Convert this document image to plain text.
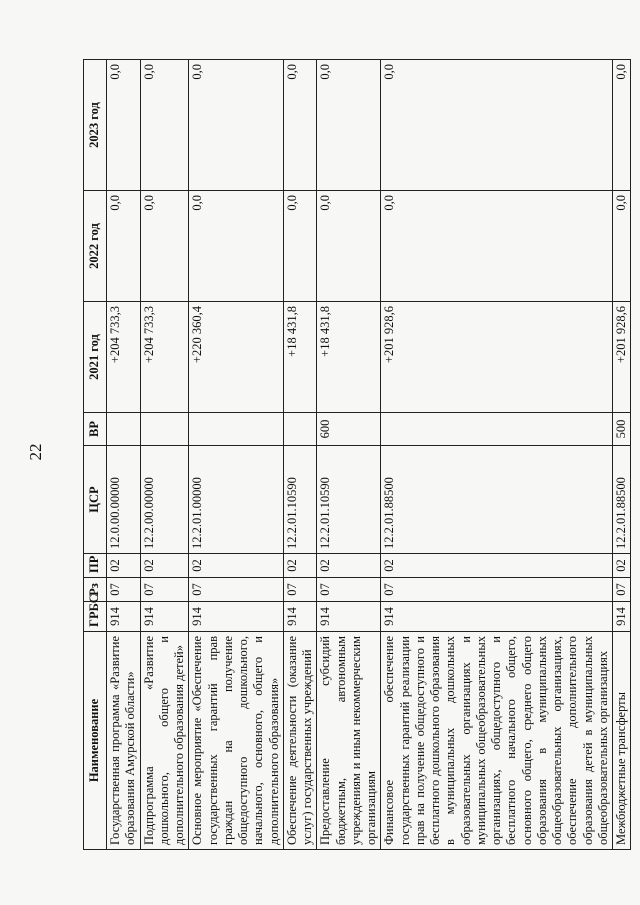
22
Наименование	ГРБС	Рз	ПР	ЦСР	ВР	2021 год	2022 год	2023 год
Государственная программа «Развитие образования Амурской области»	914	07	02	12.0.00.00000		+204 733,3	0,0	0,0
Подпрограмма «Развитие дошкольного, общего и дополнительного образования детей»	914	07	02	12.2.00.00000		+204 733,3	0,0	0,0
Основное мероприятие «Обеспечение государственных гарантий прав граждан на получение общедоступного дошкольного, начального, основного, общего и дополнительного образования»	914	07	02	12.2.01.00000		+220 360,4	0,0	0,0
Обеспечение деятельности (оказание услуг) государственных учреждений	914	07	02	12.2.01.10590		+18 431,8	0,0	0,0
Предоставление субсидий бюджетным, автономным учреждениям и иным некоммерческим организациям	914	07	02	12.2.01.10590	600	+18 431,8	0,0	0,0
Финансовое обеспечение государственных гарантий реализации прав на получение общедоступного и бесплатного дошкольного образования в муниципальных дошкольных образовательных организациях и муниципальных общеобразовательных организациях, общедоступного и бесплатного начального общего, основного общего, среднего общего образования в муниципальных общеобразовательных организациях, обеспечение дополнительного образования детей в муниципальных общеобразовательных организациях	914	07	02	12.2.01.88500		+201 928,6	0,0	0,0
Межбюджетные трансферты	914	07	02	12.2.01.88500	500	+201 928,6	0,0	0,0
